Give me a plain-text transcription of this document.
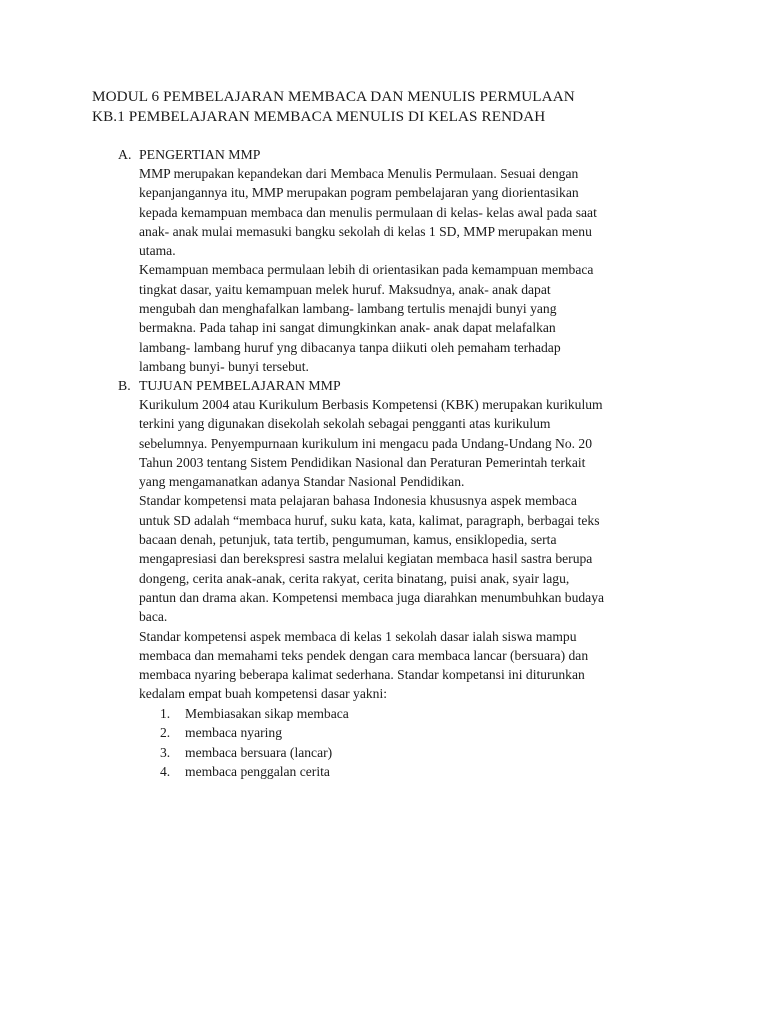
MODUL 6 PEMBELAJARAN MEMBACA DAN MENULIS PERMULAAN
KB.1 PEMBELAJARAN MEMBACA MENULIS DI KELAS RENDAH
A. PENGERTIAN MMP
MMP merupakan kepandekan dari Membaca Menulis Permulaan. Sesuai dengan
kepanjangannya itu, MMP merupakan pogram pembelajaran yang diorientasikan
kepada kemampuan membaca dan menulis permulaan di kelas- kelas awal pada saat
anak- anak mulai memasuki bangku sekolah di kelas 1 SD, MMP merupakan menu
utama.
Kemampuan membaca permulaan lebih di orientasikan pada kemampuan membaca
tingkat dasar, yaitu kemampuan melek huruf. Maksudnya, anak- anak dapat
mengubah dan menghafalkan lambang- lambang tertulis menajdi bunyi yang
bermakna. Pada tahap ini sangat dimungkinkan anak- anak dapat melafalkan
lambang- lambang huruf yng dibacanya tanpa diikuti oleh pemaham terhadap
lambang bunyi- bunyi tersebut.
B. TUJUAN PEMBELAJARAN MMP
Kurikulum 2004 atau Kurikulum Berbasis Kompetensi (KBK) merupakan kurikulum
terkini yang digunakan disekolah sekolah sebagai pengganti atas kurikulum
sebelumnya. Penyempurnaan kurikulum ini mengacu pada Undang-Undang No. 20
Tahun 2003 tentang Sistem Pendidikan Nasional dan Peraturan Pemerintah terkait
yang mengamanatkan adanya Standar Nasional Pendidikan.
Standar kompetensi mata pelajaran bahasa Indonesia khususnya aspek membaca
untuk SD adalah “membaca huruf, suku kata, kata, kalimat, paragraph, berbagai teks
bacaan denah, petunjuk, tata tertib, pengumuman, kamus, ensiklopedia, serta
mengapresiasi dan berekspresi sastra melalui kegiatan membaca hasil sastra berupa
dongeng, cerita anak-anak, cerita rakyat, cerita binatang, puisi anak, syair lagu,
pantun dan drama akan. Kompetensi membaca juga diarahkan menumbuhkan budaya
baca.
Standar kompetensi aspek membaca di kelas 1 sekolah dasar ialah siswa mampu
membaca dan memahami teks pendek dengan cara membaca lancar (bersuara) dan
membaca nyaring beberapa kalimat sederhana. Standar kompetansi ini diturunkan
kedalam empat buah kompetensi dasar yakni:
1. Membiasakan sikap membaca
2. membaca nyaring
3. membaca bersuara (lancar)
4. membaca penggalan cerita
